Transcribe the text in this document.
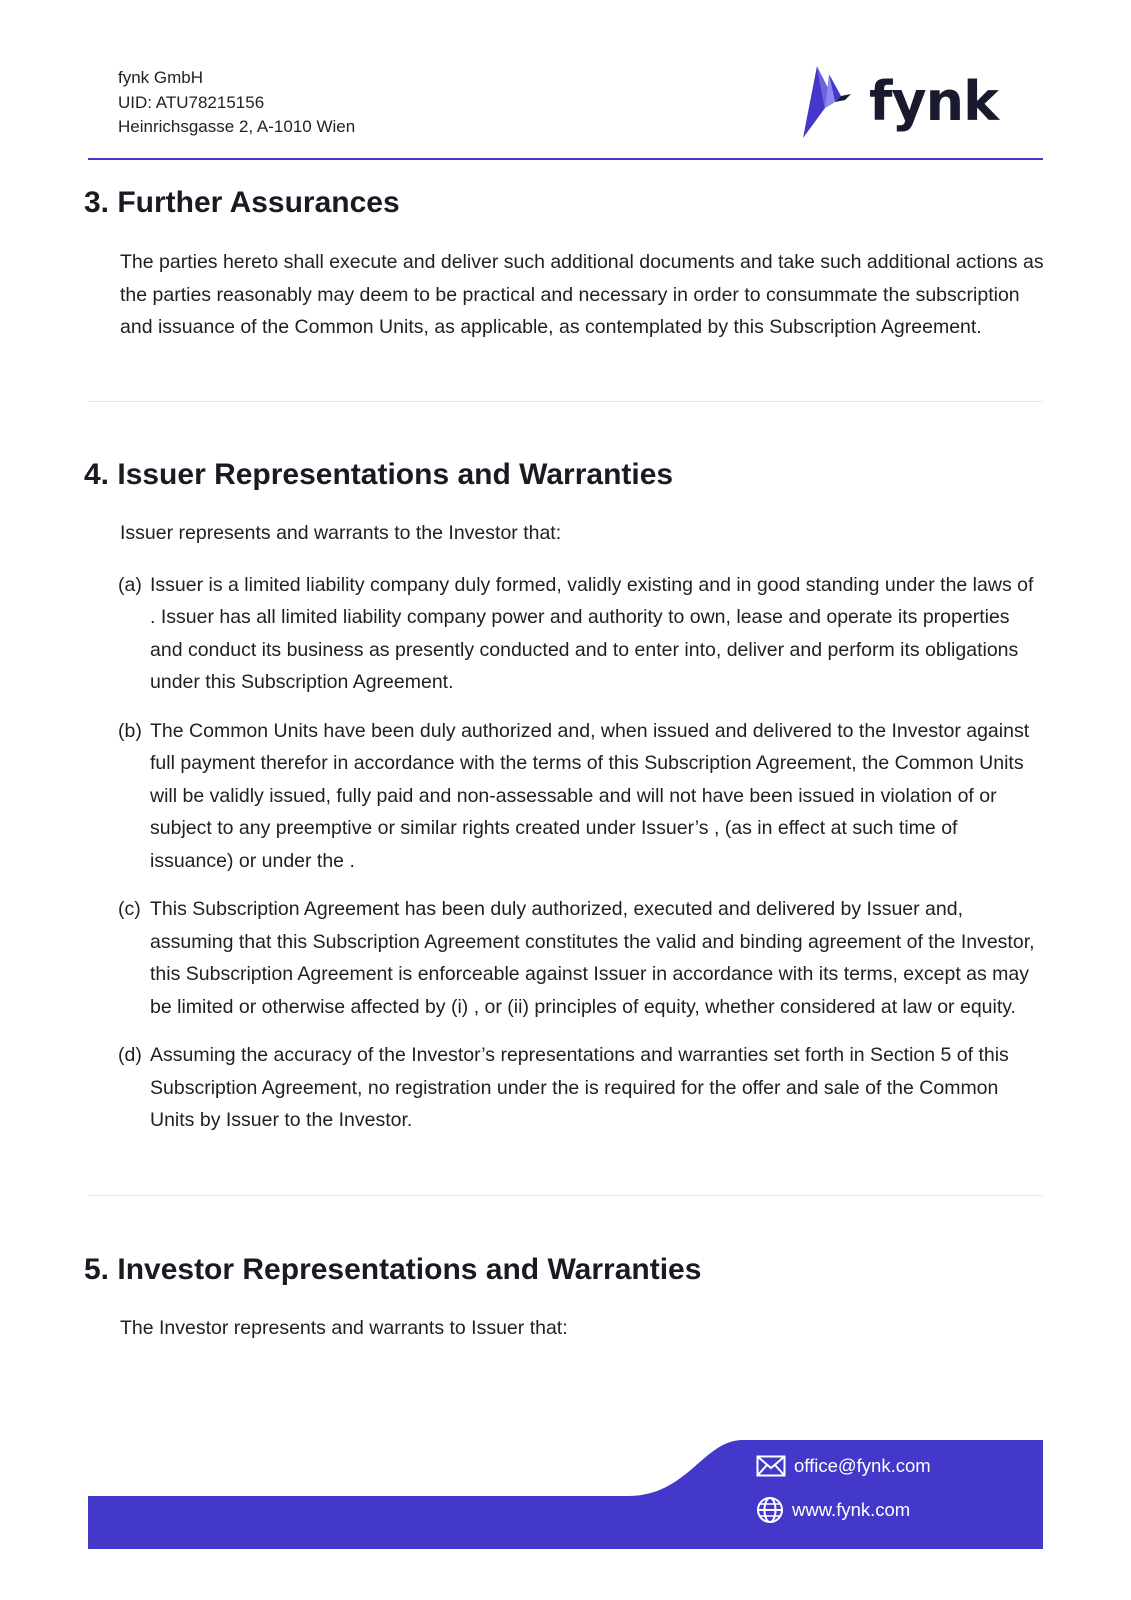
fynk GmbH
UID: ATU78215156
Heinrichsgasse 2, A-1010 Wien	fynk
3. Further Assurances

The parties hereto shall execute and deliver such additional documents and take such additional actions as the parties reasonably may deem to be practical and necessary in order to consummate the subscription and issuance of the Common Units, as applicable, as contemplated by this Subscription Agreement.

4. Issuer Representations and Warranties

Issuer represents and warrants to the Investor that:

(a) Issuer is a limited liability company duly formed, validly existing and in good standing under the laws of . Issuer has all limited liability company power and authority to own, lease and operate its properties and conduct its business as presently conducted and to enter into, deliver and perform its obligations under this Subscription Agreement.
(b) The Common Units have been duly authorized and, when issued and delivered to the Investor against full payment therefor in accordance with the terms of this Subscription Agreement, the Common Units will be validly issued, fully paid and non-assessable and will not have been issued in violation of or subject to any preemptive or similar rights created under Issuer’s , (as in effect at such time of issuance) or under the .
(c) This Subscription Agreement has been duly authorized, executed and delivered by Issuer and, assuming that this Subscription Agreement constitutes the valid and binding agreement of the Investor, this Subscription Agreement is enforceable against Issuer in accordance with its terms, except as may be limited or otherwise affected by (i) , or (ii) principles of equity, whether considered at law or equity.
(d) Assuming the accuracy of the Investor’s representations and warranties set forth in Section 5 of this Subscription Agreement, no registration under the is required for the offer and sale of the Common Units by Issuer to the Investor.
5. Investor Representations and Warranties

The Investor represents and warrants to Issuer that:

office@fynk.com
www.fynk.com
